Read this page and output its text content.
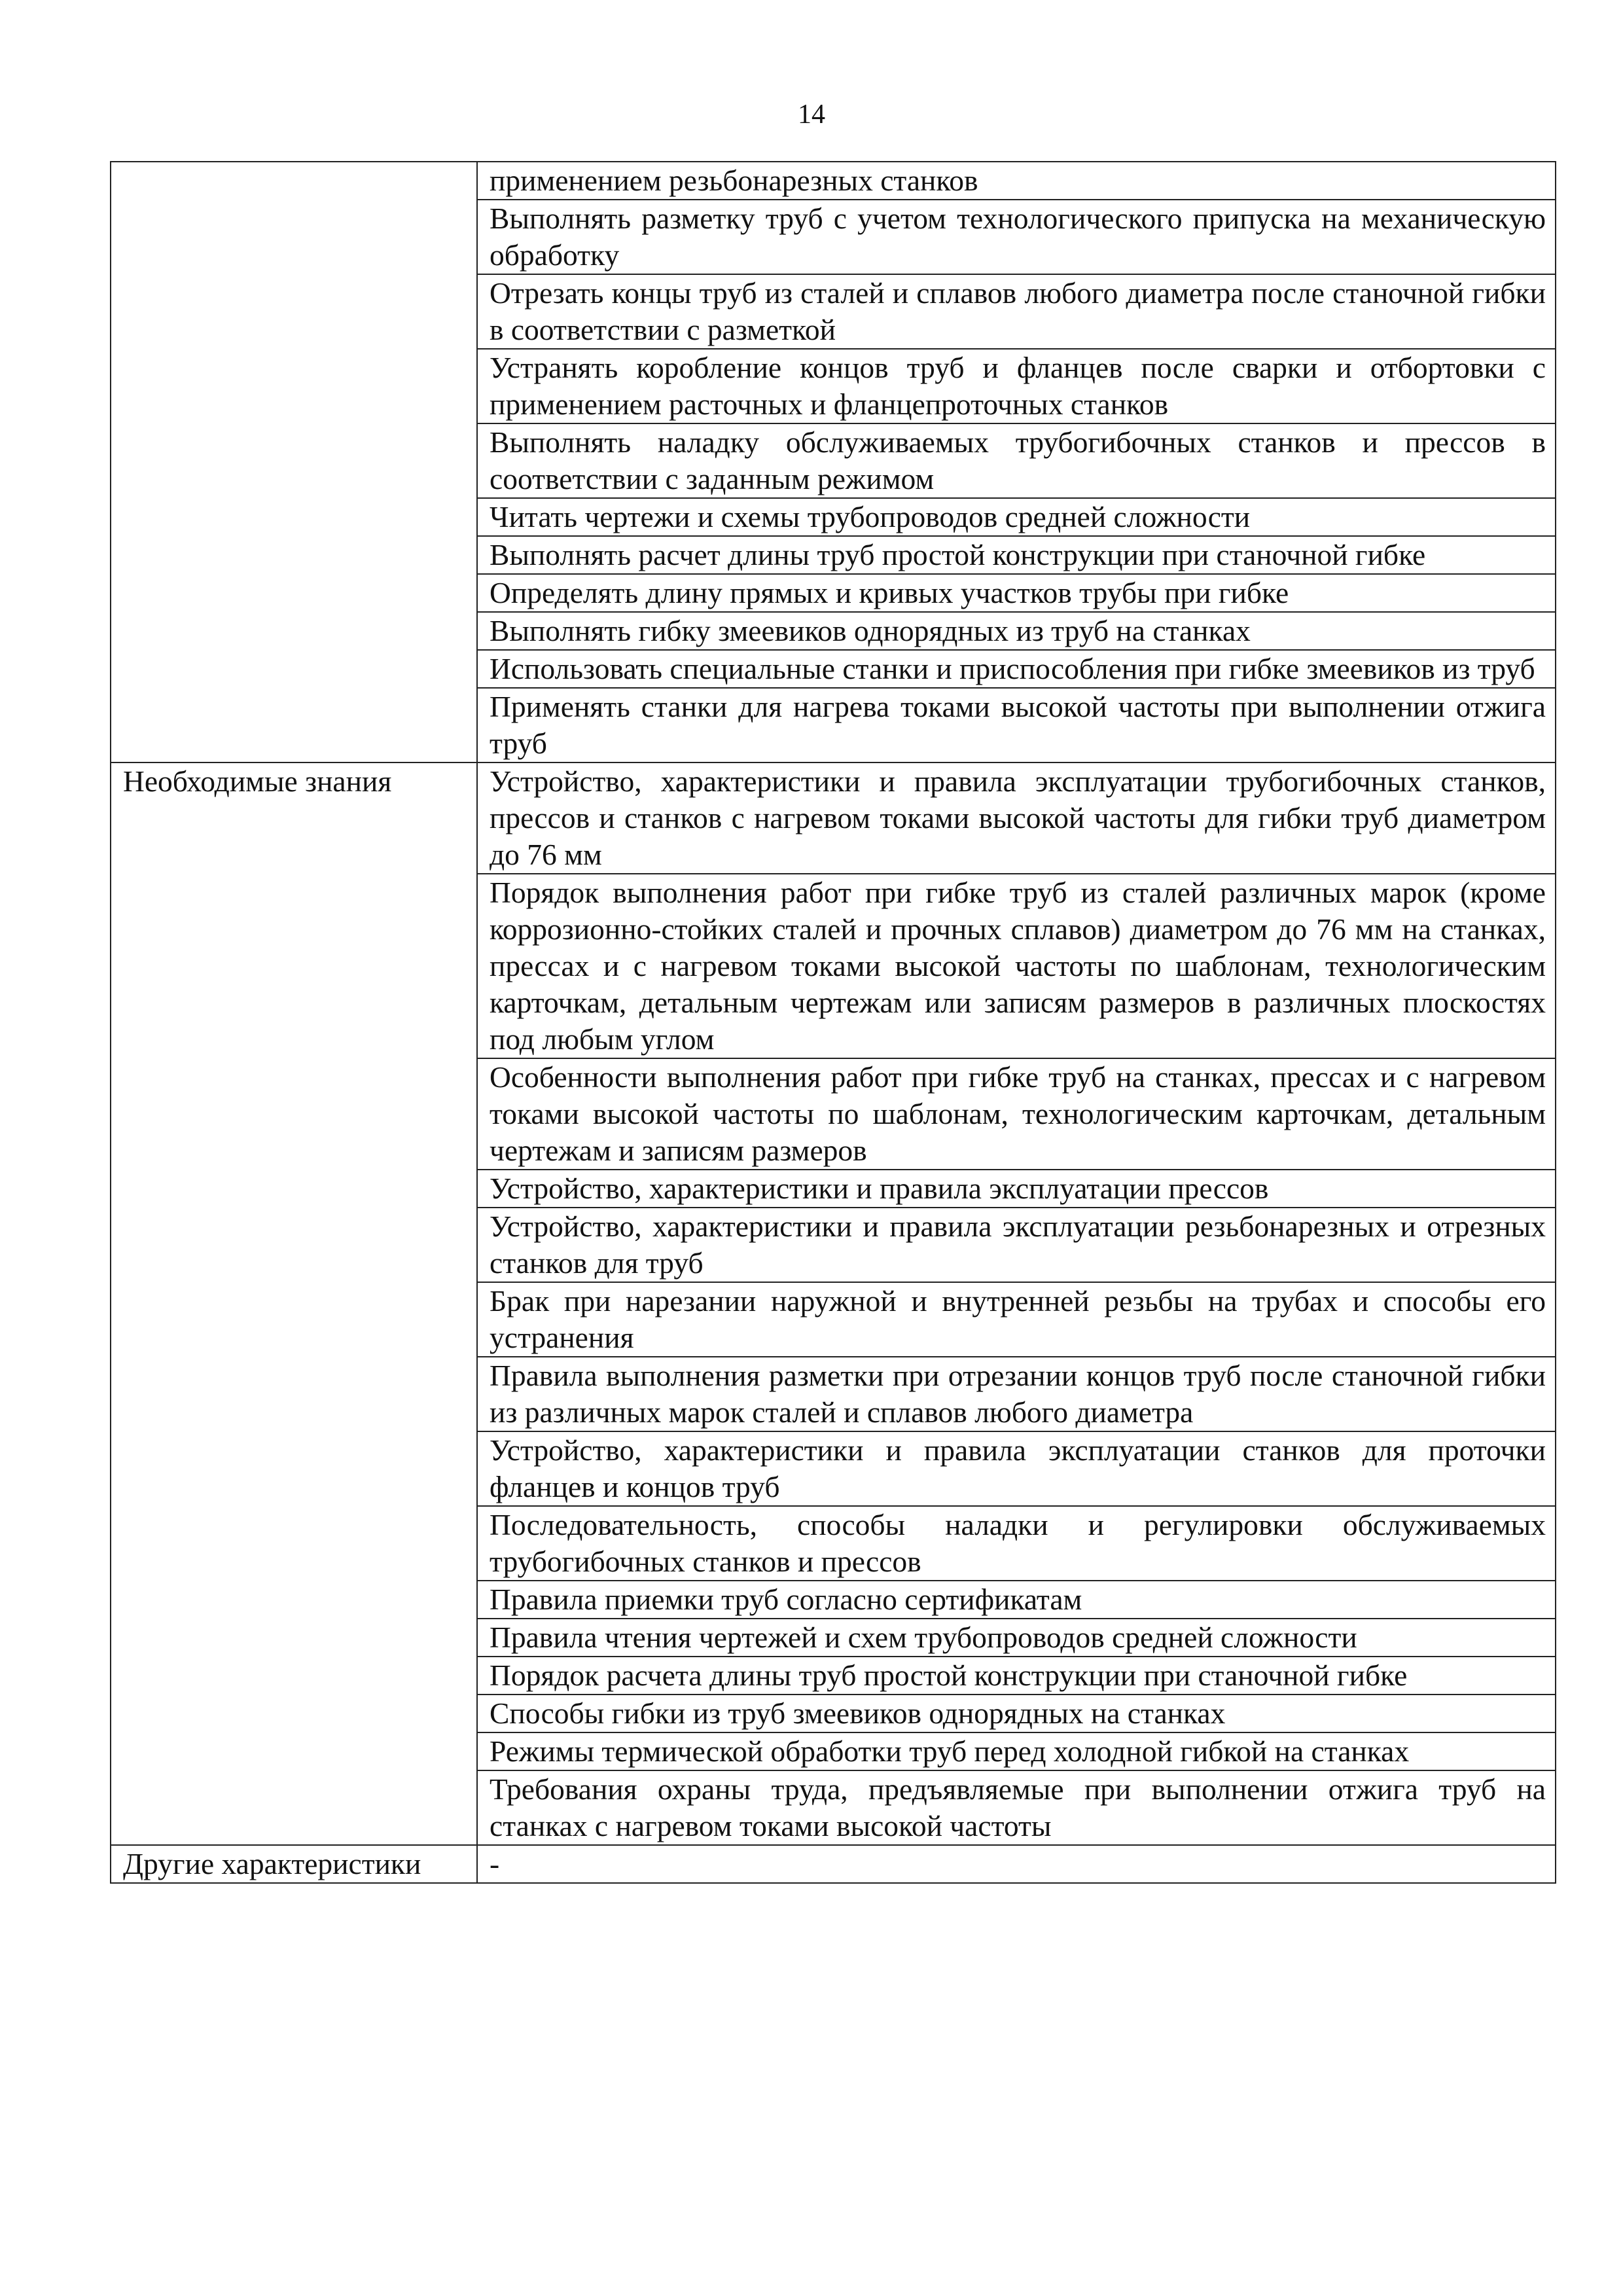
14
	применением резьбонарезных станков
	Выполнять разметку труб с учетом технологического припуска на механическую обработку
	Отрезать концы труб из сталей и сплавов любого диаметра после станочной гибки в соответствии с разметкой
	Устранять коробление концов труб и фланцев после сварки и отбортовки с применением расточных и фланцепроточных станков
	Выполнять наладку обслуживаемых трубогибочных станков и прессов в соответствии с заданным режимом
	Читать чертежи и схемы трубопроводов средней сложности
	Выполнять расчет длины труб простой конструкции при станочной гибке
	Определять длину прямых и кривых участков трубы при гибке
	Выполнять гибку змеевиков однорядных из труб на станках
	Использовать специальные станки и приспособления при гибке змеевиков из труб
	Применять станки для нагрева токами высокой частоты при выполнении отжига труб
Необходимые знания	Устройство, характеристики и правила эксплуатации трубогибочных станков, прессов и станков с нагревом токами высокой частоты для гибки труб диаметром до 76 мм
	Порядок выполнения работ при гибке труб из сталей различных марок (кроме коррозионно-стойких сталей и прочных сплавов) диаметром до 76 мм на станках, прессах и с нагревом токами высокой частоты по шаблонам, технологическим карточкам, детальным чертежам или записям размеров в различных плоскостях под любым углом
	Особенности выполнения работ при гибке труб на станках, прессах и с нагревом токами высокой частоты по шаблонам, технологическим карточкам, детальным чертежам и записям размеров
	Устройство, характеристики и правила эксплуатации прессов
	Устройство, характеристики и правила эксплуатации резьбонарезных и отрезных станков для труб
	Брак при нарезании наружной и внутренней резьбы на трубах и способы его устранения
	Правила выполнения разметки при отрезании концов труб после станочной гибки из различных марок сталей и сплавов любого диаметра
	Устройство, характеристики и правила эксплуатации станков для проточки фланцев и концов труб
	Последовательность, способы наладки и регулировки обслуживаемых трубогибочных станков и прессов
	Правила приемки труб согласно сертификатам
	Правила чтения чертежей и схем трубопроводов средней сложности
	Порядок расчета длины труб простой конструкции при станочной гибке
	Способы гибки из труб змеевиков однорядных на станках
	Режимы термической обработки труб перед холодной гибкой на станках
	Требования охраны труда, предъявляемые при выполнении отжига труб на станках с нагревом токами высокой частоты
Другие характеристики	-
